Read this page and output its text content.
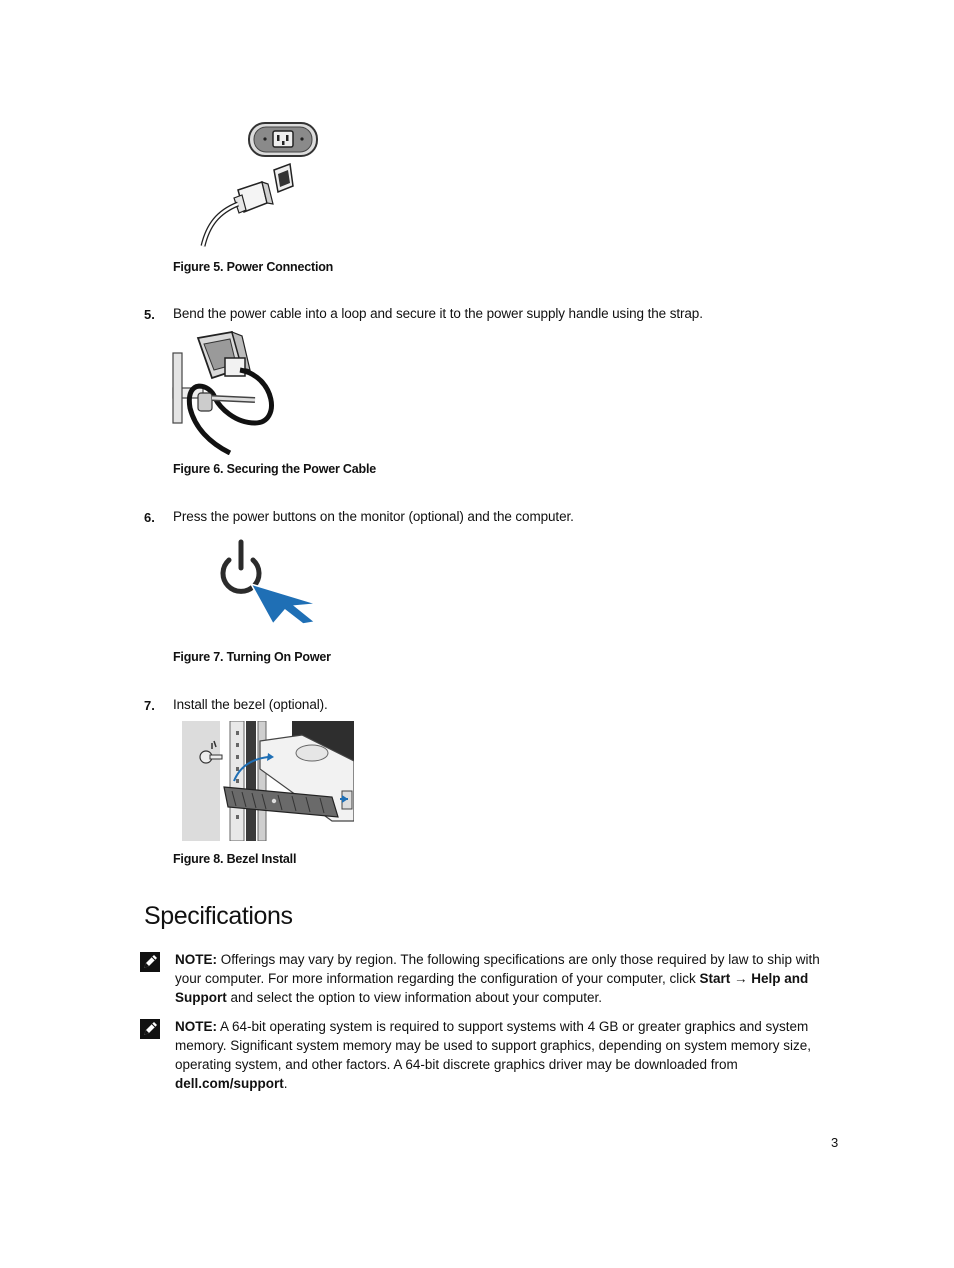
Figure 5. Power Connection
5. Bend the power cable into a loop and secure it to the power supply handle using the strap.
Figure 6. Securing the Power Cable
6. Press the power buttons on the monitor (optional) and the computer.
Figure 7. Turning On Power
7. Install the bezel (optional).
Figure 8. Bezel Install
Specifications
NOTE: Offerings may vary by region. The following specifications are only those required by law to ship with your computer. For more information regarding the configuration of your computer, click Start → Help and Support and select the option to view information about your computer.
NOTE: A 64-bit operating system is required to support systems with 4 GB or greater graphics and system memory. Significant system memory may be used to support graphics, depending on system memory size, operating system, and other factors. A 64-bit discrete graphics driver may be downloaded from dell.com/support.
3
